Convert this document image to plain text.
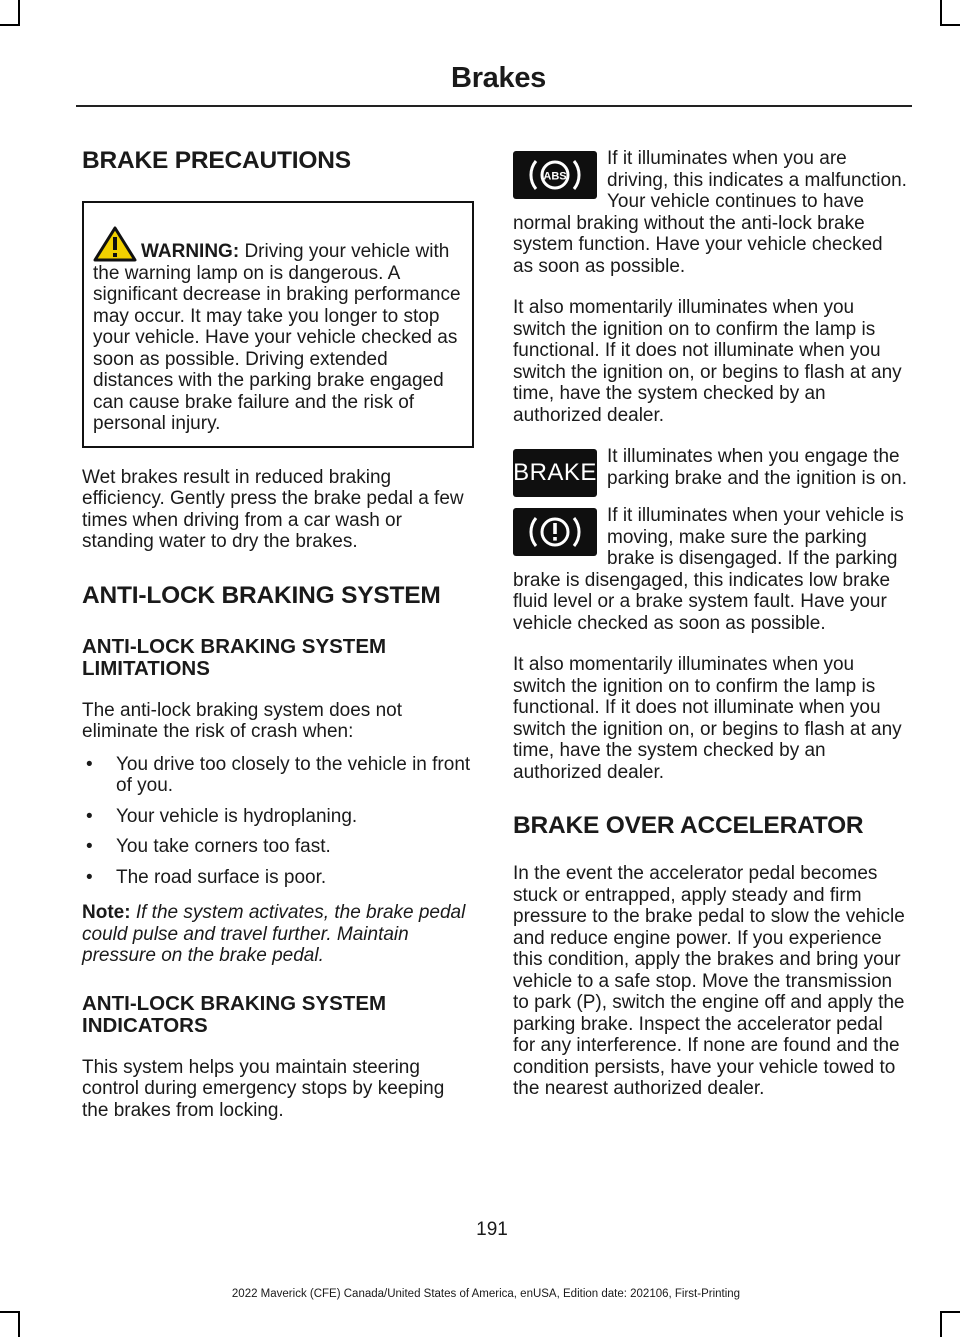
Brakes
BRAKE PRECAUTIONS

WARNING: Driving your vehicle with the warning lamp on is dangerous. A significant decrease in braking performance may occur. It may take you longer to stop your vehicle. Have your vehicle checked as soon as possible. Driving extended distances with the parking brake engaged can cause brake failure and the risk of personal injury.

Wet brakes result in reduced braking efficiency. Gently press the brake pedal a few times when driving from a car wash or standing water to dry the brakes.

ANTI-LOCK BRAKING SYSTEM
ANTI-LOCK BRAKING SYSTEM LIMITATIONS

The anti-lock braking system does not eliminate the risk of crash when:

• You drive too closely to the vehicle in front of you.
• Your vehicle is hydroplaning.
• You take corners too fast.
• The road surface is poor.

Note: If the system activates, the brake pedal could pulse and travel further. Maintain pressure on the brake pedal.

ANTI-LOCK BRAKING SYSTEM INDICATORS

This system helps you maintain steering control during emergency stops by keeping the brakes from locking.

ABS

If it illuminates when you are driving, this indicates a malfunction. Your vehicle continues to have normal braking without the anti-lock brake system function. Have your vehicle checked as soon as possible.

It also momentarily illuminates when you switch the ignition on to confirm the lamp is functional. If it does not illuminate when you switch the ignition on, or begins to flash at any time, have the system checked by an authorized dealer.

BRAKE

It illuminates when you engage the parking brake and the ignition is on.

If it illuminates when your vehicle is moving, make sure the parking brake is disengaged. If the parking brake is disengaged, this indicates low brake fluid level or a brake system fault. Have your vehicle checked as soon as possible.

It also momentarily illuminates when you switch the ignition on to confirm the lamp is functional. If it does not illuminate when you switch the ignition on, or begins to flash at any time, have the system checked by an authorized dealer.

BRAKE OVER ACCELERATOR

In the event the accelerator pedal becomes stuck or entrapped, apply steady and firm pressure to the brake pedal to slow the vehicle and reduce engine power. If you experience this condition, apply the brakes and bring your vehicle to a safe stop. Move the transmission to park (P), switch the engine off and apply the parking brake. Inspect the accelerator pedal for any interference. If none are found and the condition persists, have your vehicle towed to the nearest authorized dealer.

191
2022 Maverick (CFE) Canada/United States of America, enUSA, Edition date: 202106, First-Printing
